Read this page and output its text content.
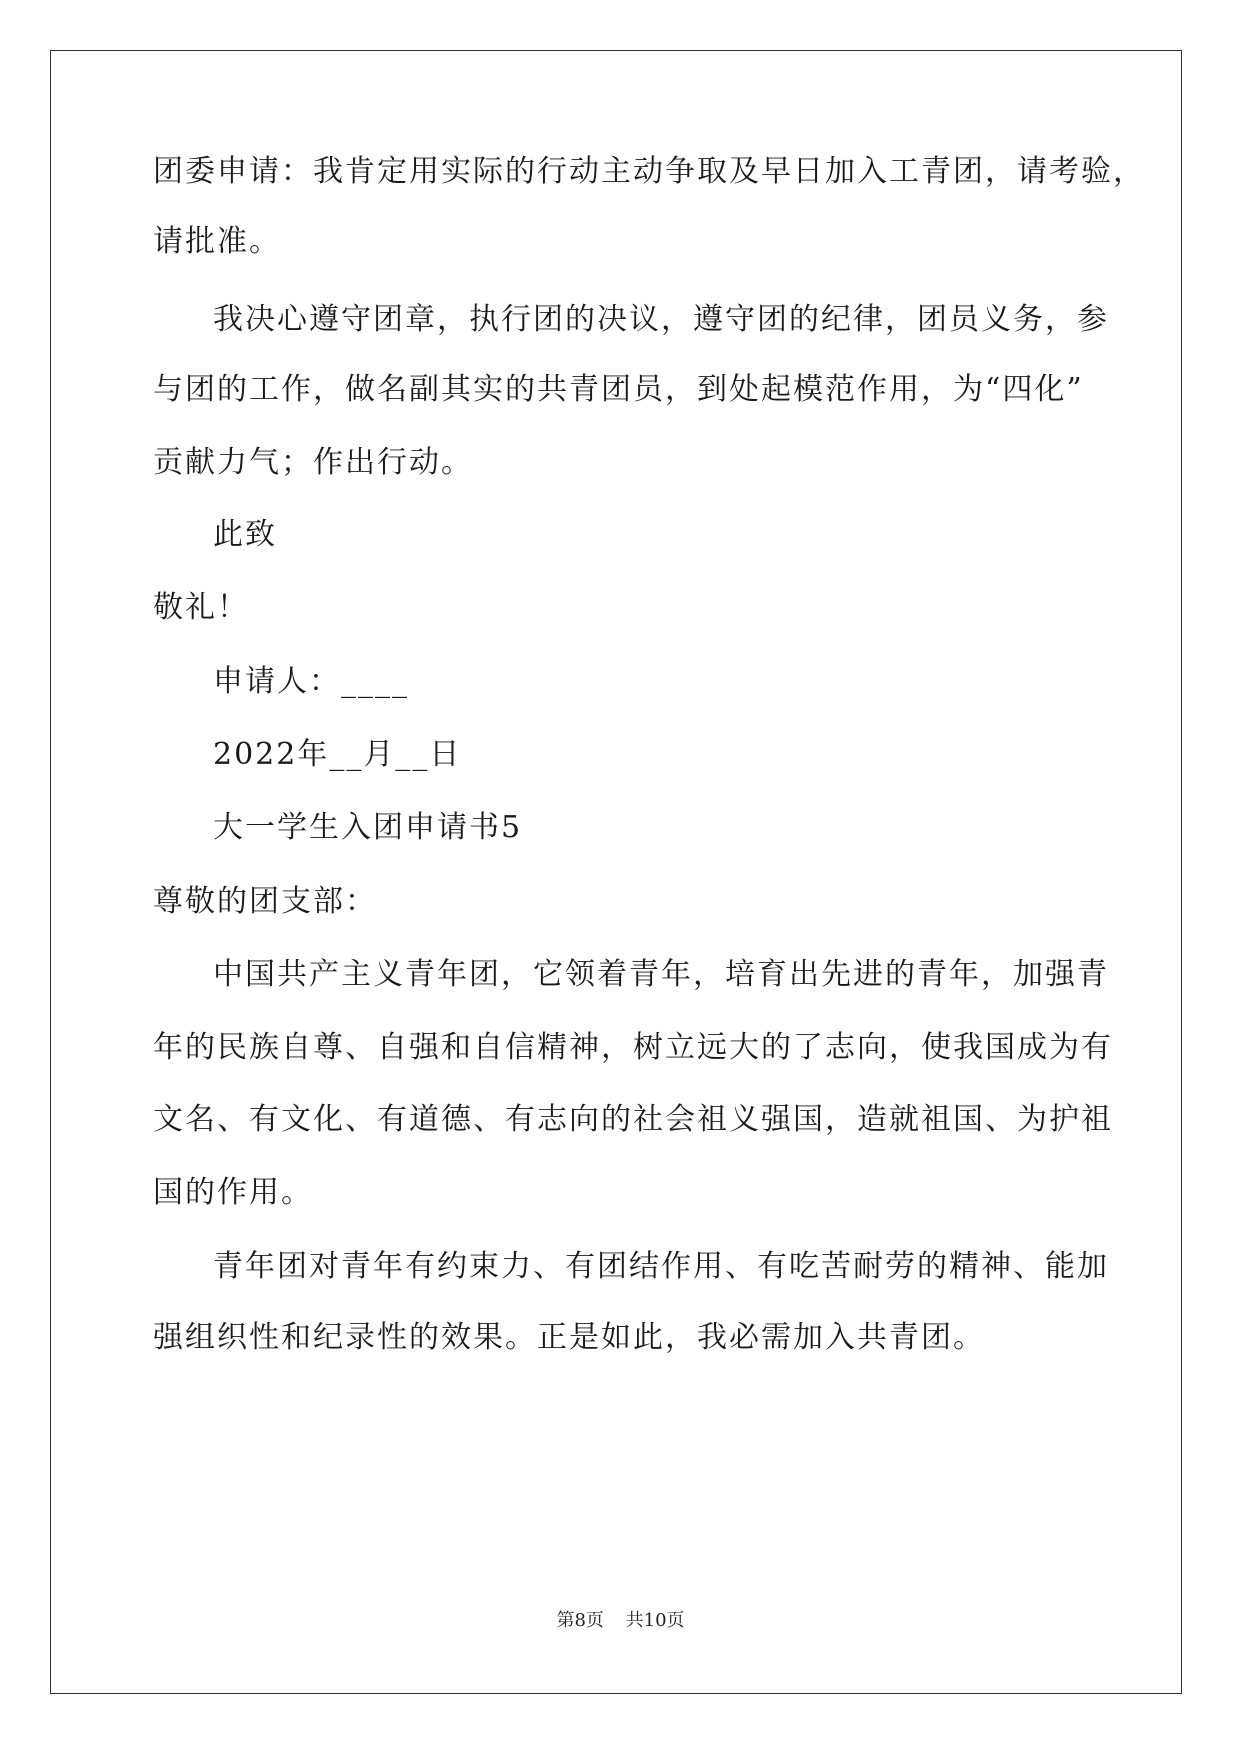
团委申请：我肯定用实际的行动主动争取及早日加入工青团，请考验，
请批准。
我决心遵守团章，执行团的决议，遵守团的纪律，团员义务，参
与团的工作，做名副其实的共青团员，到处起模范作用，为“四化”
贡献力气；作出行动。
此致
敬礼！
申请人：____
2022年__月__日
大一学生入团申请书5
尊敬的团支部：
中国共产主义青年团，它领着青年，培育出先进的青年，加强青
年的民族自尊、自强和自信精神，树立远大的了志向，使我国成为有
文名、有文化、有道德、有志向的社会祖义强国，造就祖国、为护祖
国的作用。
青年团对青年有约束力、有团结作用、有吃苦耐劳的精神、能加
强组织性和纪录性的效果。正是如此，我必需加入共青团。
第8页 共10页
